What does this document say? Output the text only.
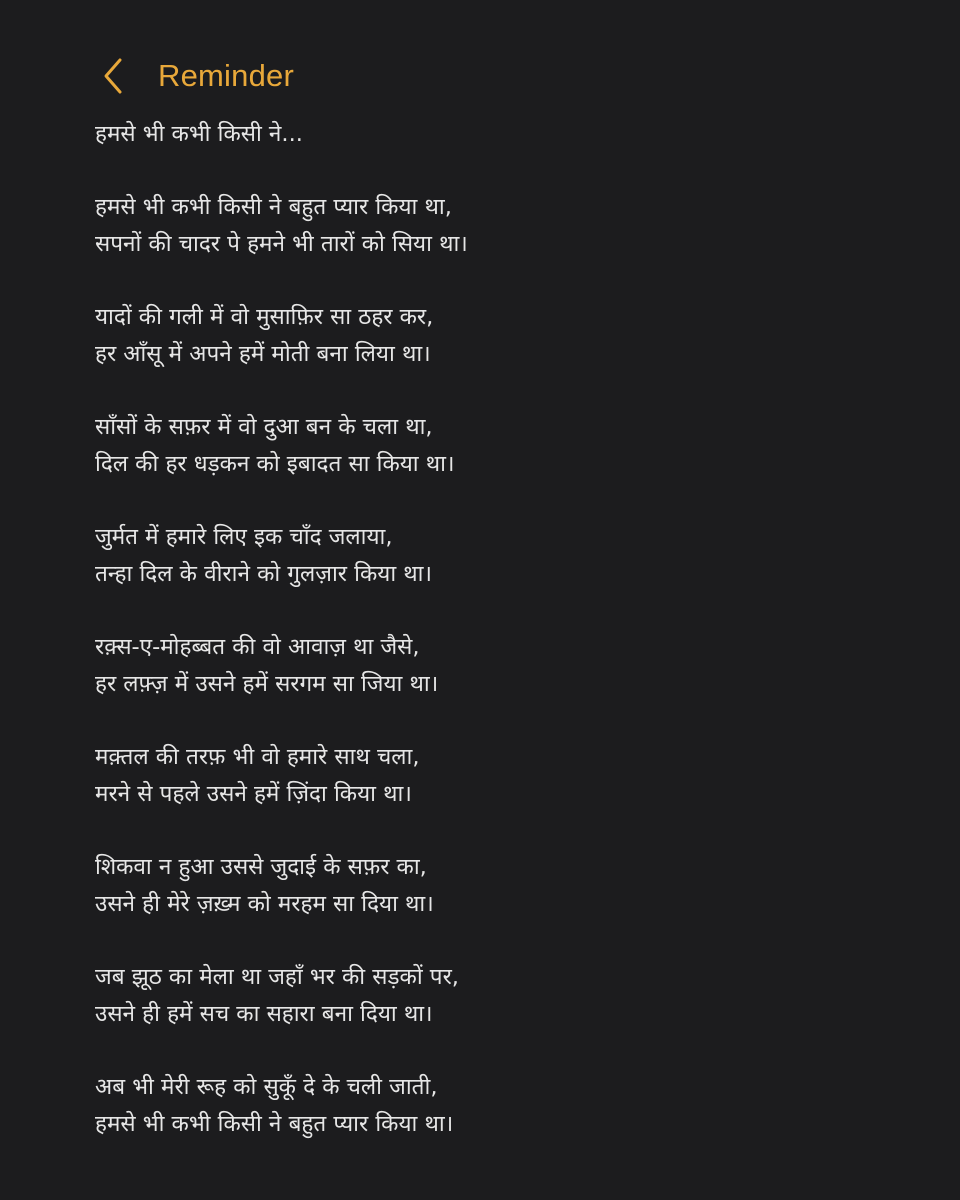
Reminder
हमसे भी कभी किसी ने...
हमसे भी कभी किसी ने बहुत प्यार किया था,
सपनों की चादर पे हमने भी तारों को सिया था।
यादों की गली में वो मुसाफ़िर सा ठहर कर,
हर आँसू में अपने हमें मोती बना लिया था।
साँसों के सफ़र में वो दुआ बन के चला था,
दिल की हर धड़कन को इबादत सा किया था।
जुर्मत में हमारे लिए इक चाँद जलाया,
तन्हा दिल के वीराने को गुलज़ार किया था।
रक़्स-ए-मोहब्बत की वो आवाज़ था जैसे,
हर लफ़्ज़ में उसने हमें सरगम सा जिया था।
मक़्तल की तरफ़ भी वो हमारे साथ चला,
मरने से पहले उसने हमें ज़िंदा किया था।
शिकवा न हुआ उससे जुदाई के सफ़र का,
उसने ही मेरे ज़ख़्म को मरहम सा दिया था।
जब झूठ का मेला था जहाँ भर की सड़कों पर,
उसने ही हमें सच का सहारा बना दिया था।
अब भी मेरी रूह को सुकूँ दे के चली जाती,
हमसे भी कभी किसी ने बहुत प्यार किया था।
